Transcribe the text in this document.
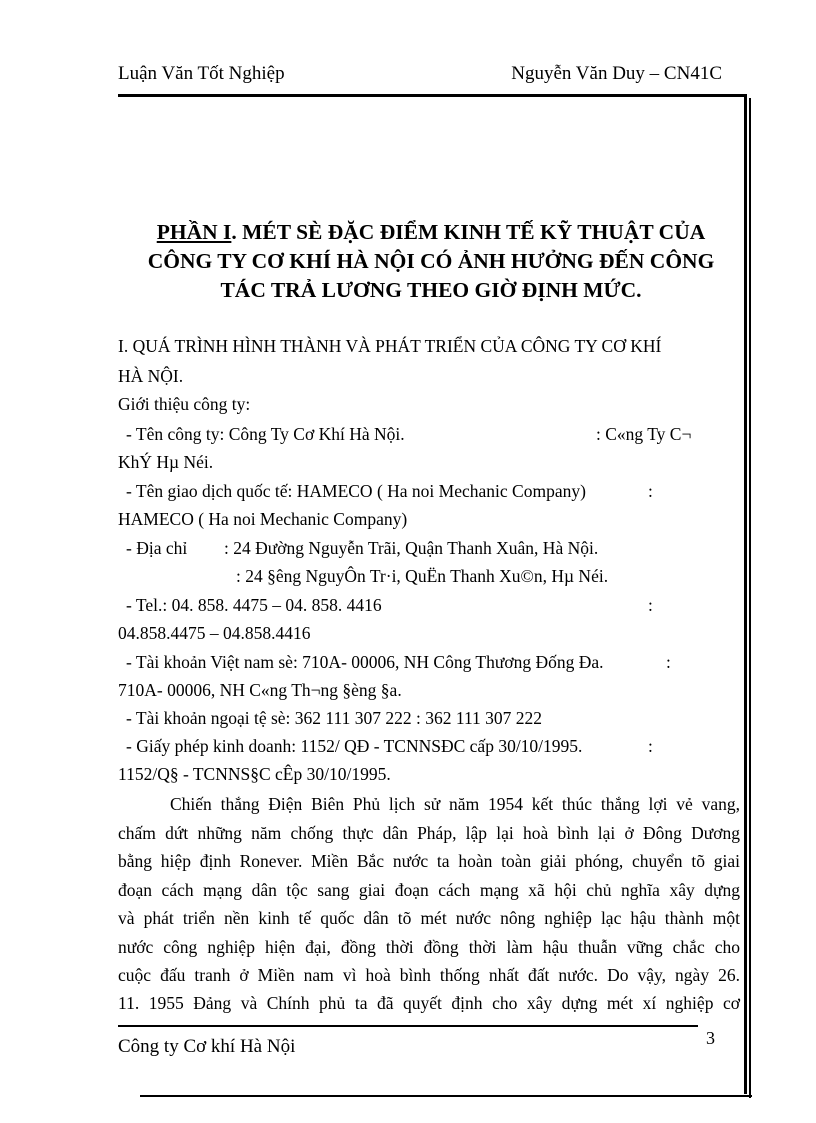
Luận Văn Tốt Nghiệp	Nguyễn Văn Duy – CN41C
PHẦN I. MÉT SÈ ĐẶC ĐIỂM KINH TẾ KỸ THUẬT CỦA
CÔNG TY CƠ KHÍ HÀ NỘI CÓ ẢNH HƯỞNG ĐẾN CÔNG
TÁC TRẢ LƯƠNG THEO GIỜ ĐỊNH MỨC.
I. QUÁ TRÌNH HÌNH THÀNH VÀ PHÁT TRIỂN CỦA CÔNG TY CƠ KHÍ
HÀ NỘI.
Giới thiệu công ty:
- Tên công ty: Công Ty Cơ Khí Hà Nội.	: C«ng Ty C¬
KhÝ Hµ Néi.
- Tên giao dịch quốc tế: HAMECO ( Ha noi Mechanic Company)	:
HAMECO ( Ha noi Mechanic Company)
- Địa chỉ : 24 Đường Nguyễn Trãi, Quận Thanh Xuân, Hà Nội.
: 24 §êng NguyÔn Tr·i, QuËn Thanh Xu©n, Hµ Néi.
- Tel.: 04. 858. 4475 – 04. 858. 4416	:
04.858.4475 – 04.858.4416
- Tài khoản Việt nam sè: 710A- 00006, NH Công Thương Đống Đa.	:
710A- 00006, NH C«ng Th¬ng §èng §a.
- Tài khoản ngoại tệ sè: 362 111 307 222 : 362 111 307 222
- Giấy phép kinh doanh: 1152/ QĐ - TCNNSĐC cấp 30/10/1995.	:
1152/Q§ - TCNNS§C cÊp 30/10/1995.
Chiến thắng Điện Biên Phủ lịch sử năm 1954 kết thúc thắng lợi vẻ vang,
chấm dứt những năm chống thực dân Pháp, lập lại hoà bình lại ở Đông Dương
bằng hiệp định Ronever. Miền Bắc nước ta hoàn toàn giải phóng, chuyển tõ giai
đoạn cách mạng dân tộc sang giai đoạn cách mạng xã hội chủ nghĩa xây dựng
và phát triển nền kinh tế quốc dân tõ mét nước nông nghiệp lạc hậu thành một
nước công nghiệp hiện đại, đồng thời đồng thời làm hậu thuẫn vững chắc cho
cuộc đấu tranh ở Miền nam vì hoà bình thống nhất đất nước. Do vậy, ngày 26.
11. 1955 Đảng và Chính phủ ta đã quyết định cho xây dựng mét xí nghiệp cơ
Công ty Cơ khí Hà Nội	3
